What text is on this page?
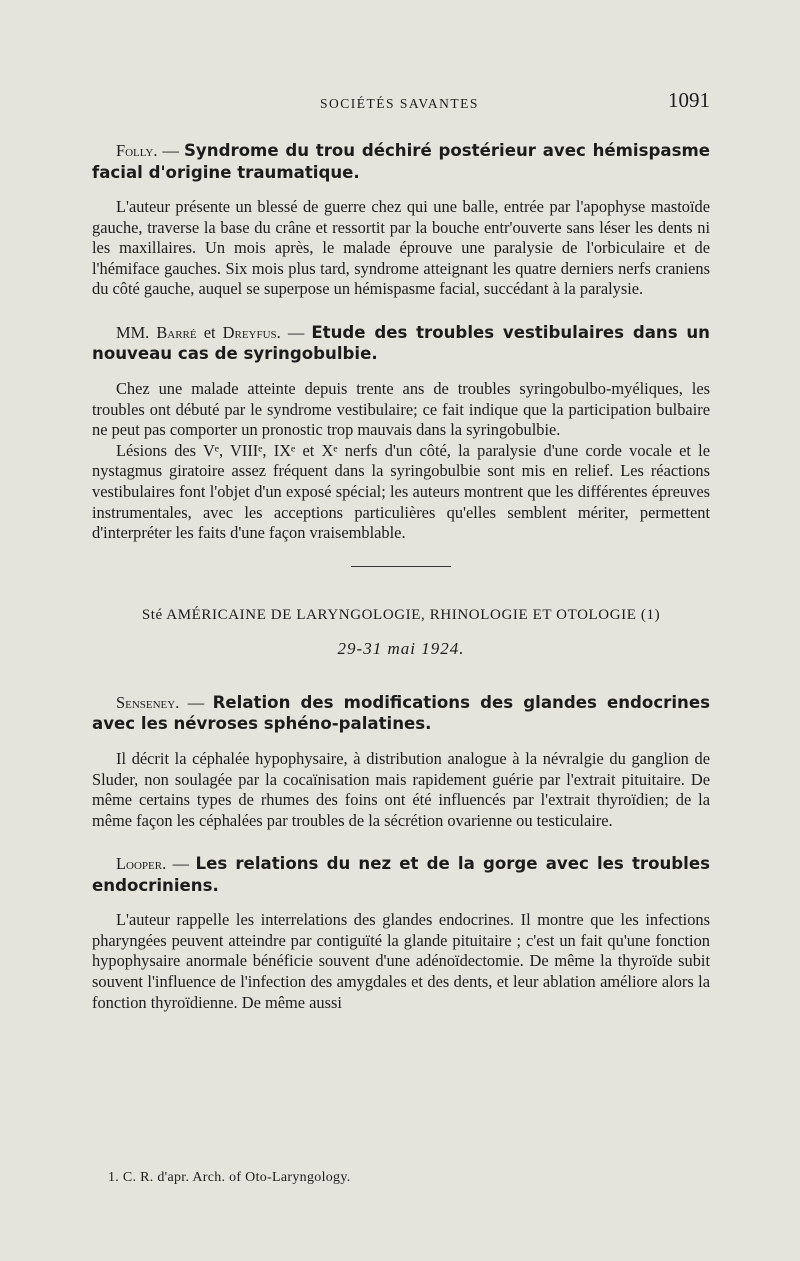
SOCIÉTÉS SAVANTES	1091

Folly. — Syndrome du trou déchiré postérieur avec hémispasme facial d'origine traumatique.

L'auteur présente un blessé de guerre chez qui une balle, entrée par l'apophyse mastoïde gauche, traverse la base du crâne et ressortit par la bouche entr'ouverte sans léser les dents ni les maxillaires. Un mois après, le malade éprouve une paralysie de l'orbiculaire et de l'hémiface gauches. Six mois plus tard, syndrome atteignant les quatre derniers nerfs craniens du côté gauche, auquel se superpose un hémispasme facial, succédant à la paralysie.

MM. Barré et Dreyfus. — Etude des troubles vestibulaires dans un nouveau cas de syringobulbie.

Chez une malade atteinte depuis trente ans de troubles syringobulbo-myéliques, les troubles ont débuté par le syndrome vestibulaire; ce fait indique que la participation bulbaire ne peut pas comporter un pronostic trop mauvais dans la syringobulbie.

Lésions des Vᵉ, VIIIᵉ, IXᵉ et Xᵉ nerfs d'un côté, la paralysie d'une corde vocale et le nystagmus giratoire assez fréquent dans la syringobulbie sont mis en relief. Les réactions vestibulaires font l'objet d'un exposé spécial; les auteurs montrent que les différentes épreuves instrumentales, avec les acceptions particulières qu'elles semblent mériter, permettent d'interpréter les faits d'une façon vraisemblable.

Sté AMÉRICAINE DE LARYNGOLOGIE, RHINOLOGIE ET OTOLOGIE (1)
29-31 mai 1924.

Senseney. — Relation des modifications des glandes endocrines avec les névroses sphéno-palatines.

Il décrit la céphalée hypophysaire, à distribution analogue à la névralgie du ganglion de Sluder, non soulagée par la cocaïnisation mais rapidement guérie par l'extrait pituitaire. De même certains types de rhumes des foins ont été influencés par l'extrait thyroïdien; de la même façon les céphalées par troubles de la sécrétion ovarienne ou testiculaire.

Looper. — Les relations du nez et de la gorge avec les troubles endocriniens.

L'auteur rappelle les interrelations des glandes endocrines. Il montre que les infections pharyngées peuvent atteindre par contiguïté la glande pituitaire ; c'est un fait qu'une fonction hypophysaire anormale bénéficie souvent d'une adénoïdectomie. De même la thyroïde subit souvent l'influence de l'infection des amygdales et des dents, et leur ablation améliore alors la fonction thyroïdienne. De même aussi

1. C. R. d'apr. Arch. of Oto-Laryngology.
